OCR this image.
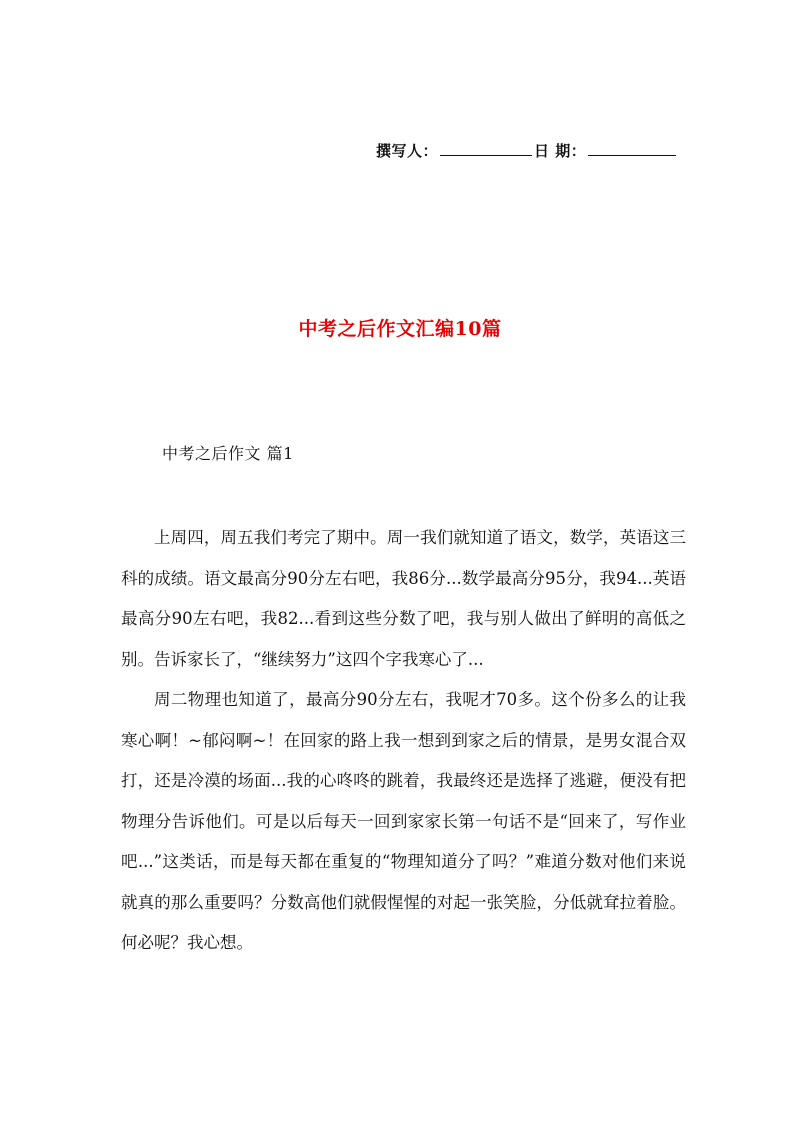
撰写人：	日 期：
中考之后作文汇编10篇
中考之后作文 篇1

上周四，周五我们考完了期中。周一我们就知道了语文，数学，英语这三科的成绩。语文最高分90分左右吧，我86分...数学最高分95分，我94...英语最高分90左右吧，我82...看到这些分数了吧，我与别人做出了鲜明的高低之别。告诉家长了，“继续努力”这四个字我寒心了...

周二物理也知道了，最高分90分左右，我呢才70多。这个份多么的让我寒心啊！~郁闷啊~！在回家的路上我一想到到家之后的情景，是男女混合双打，还是冷漠的场面...我的心咚咚的跳着，我最终还是选择了逃避，便没有把物理分告诉他们。可是以后每天一回到家家长第一句话不是“回来了，写作业吧...”这类话，而是每天都在重复的“物理知道分了吗？”难道分数对他们来说就真的那么重要吗？分数高他们就假惺惺的对起一张笑脸，分低就耷拉着脸。何必呢？我心想。
